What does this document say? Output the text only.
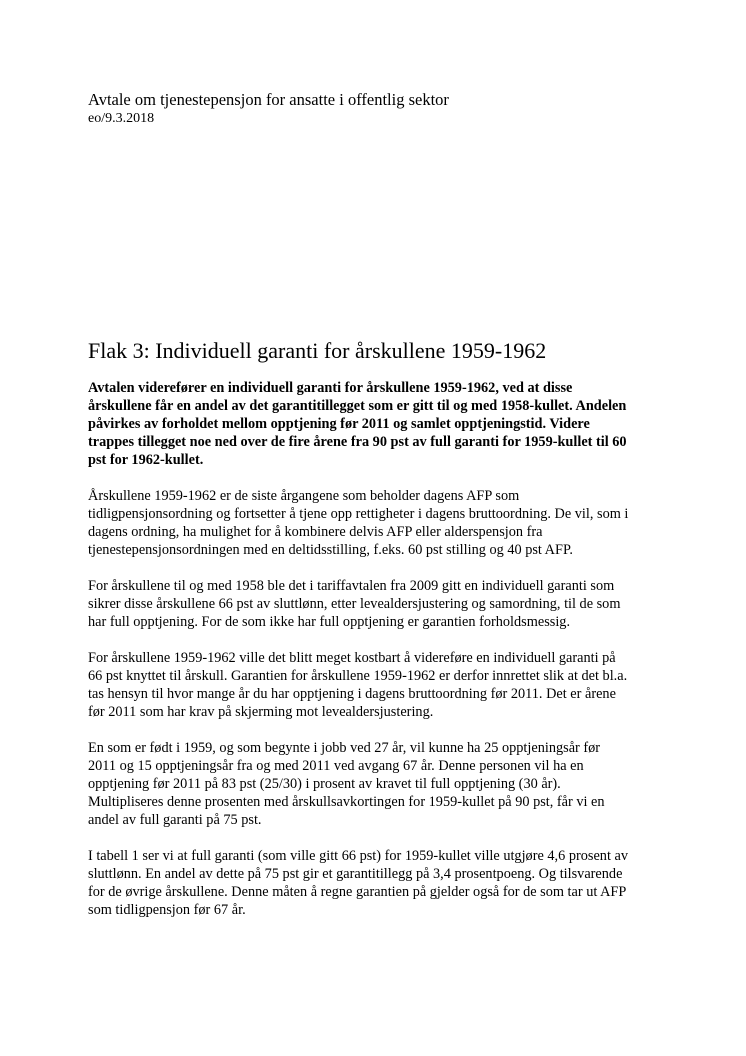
Avtale om tjenestepensjon for ansatte i offentlig sektor
eo/9.3.2018
Flak 3: Individuell garanti for årskullene 1959-1962
Avtalen viderefører en individuell garanti for årskullene 1959-1962, ved at disse
årskullene får en andel av det garantitillegget som er gitt til og med 1958-kullet. Andelen
påvirkes av forholdet mellom opptjening før 2011 og samlet opptjeningstid. Videre
trappes tillegget noe ned over de fire årene fra 90 pst av full garanti for 1959-kullet til 60
pst for 1962-kullet.
Årskullene 1959-1962 er de siste årgangene som beholder dagens AFP som
tidligpensjonsordning og fortsetter å tjene opp rettigheter i dagens bruttoordning. De vil, som i
dagens ordning, ha mulighet for å kombinere delvis AFP eller alderspensjon fra
tjenestepensjonsordningen med en deltidsstilling, f.eks. 60 pst stilling og 40 pst AFP.
For årskullene til og med 1958 ble det i tariffavtalen fra 2009 gitt en individuell garanti som
sikrer disse årskullene 66 pst av sluttlønn, etter levealdersjustering og samordning, til de som
har full opptjening. For de som ikke har full opptjening er garantien forholdsmessig.
For årskullene 1959-1962 ville det blitt meget kostbart å videreføre en individuell garanti på
66 pst knyttet til årskull. Garantien for årskullene 1959-1962 er derfor innrettet slik at det bl.a.
tas hensyn til hvor mange år du har opptjening i dagens bruttoordning før 2011. Det er årene
før 2011 som har krav på skjerming mot levealdersjustering.
En som er født i 1959, og som begynte i jobb ved 27 år, vil kunne ha 25 opptjeningsår før
2011 og 15 opptjeningsår fra og med 2011 ved avgang 67 år. Denne personen vil ha en
opptjening før 2011 på 83 pst (25/30) i prosent av kravet til full opptjening (30 år).
Multipliseres denne prosenten med årskullsavkortingen for 1959-kullet på 90 pst, får vi en
andel av full garanti på 75 pst.
I tabell 1 ser vi at full garanti (som ville gitt 66 pst) for 1959-kullet ville utgjøre 4,6 prosent av
sluttlønn. En andel av dette på 75 pst gir et garantitillegg på 3,4 prosentpoeng. Og tilsvarende
for de øvrige årskullene. Denne måten å regne garantien på gjelder også for de som tar ut AFP
som tidligpensjon før 67 år.
